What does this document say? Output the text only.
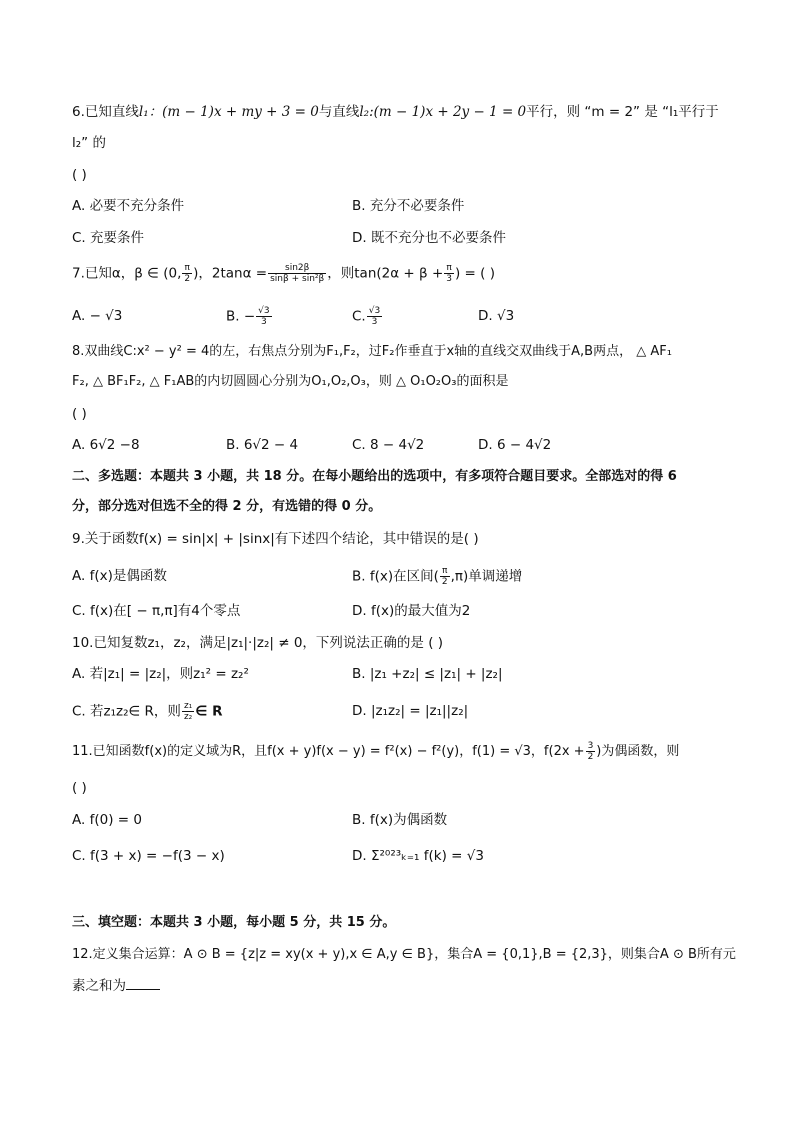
6.已知直线l₁：(m − 1)x + my + 3 = 0与直线l₂:(m − 1)x + 2y − 1 = 0平行，则 “m = 2” 是 “l₁平行于
l₂” 的
( )
A. 必要不充分条件	B. 充分不必要条件
C. 充要条件	D. 既不充分也不必要条件
7.已知α，β ∈ (0, $\frac{\pi}{2}$ )，$2\tan\alpha = \frac{\sin 2\beta}{\text{sinβ + sin²β}}$ ，则$\tan(2\alpha + \beta + \frac{\pi}{3}$ ) = ( )
A. − √3	B. − $\frac{√3}{3}$	C. $\frac{√3}{3}$	D. √3
8.双曲线C:x² − y² = 4的左，右焦点分别为F₁,F₂，过F₂作垂直于x轴的直线交双曲线于A,B两点， △ AF₁
F₂, △ BF₁F₂, △ F₁AB的内切圆圆心分别为O₁,O₂,O₃，则 △ O₁O₂O₃的面积是
( )
A. 6√2 −8	B. 6√2 − 4	C. 8 − 4√2	D. 6 − 4√2
二、多选题：本题共 3 小题，共 18 分。在每小题给出的选项中，有多项符合题目要求。全部选对的得 6
分，部分选对但选不全的得 2 分，有选错的得 0 分。
9.关于函数f(x) = sin|x| + |sinx|有下述四个结论，其中错误的是( )
A. f(x)是偶函数	B. f(x)在区间( $\frac{\pi}{2} ,\pi$)单调递增
C. f(x)在[ − π,π]有4个零点	D. f(x)的最大值为2
10.已知复数z₁，z₂，满足|z₁|·|z₂| ≠ 0，下列说法正确的是 ( )
A. 若|z₁| = |z₂|，则z₁² = z₂²	B. |z₁ +z₂| ≤ |z₁| + |z₂|
C. 若z₁z₂∈ R，则 $\frac{\text{z₁}}{\text{z₂}}$ ∈ R	D. |z₁z₂| = |z₁||z₂|
11.已知函数f(x)的定义域为R，且f(x + y)f(x − y) = f²(x) − f²(y)，f(1) = √3，$f(2x + \frac{3}{2}$ )为偶函数，则
( )
A. f(0) = 0	B. f(x)为偶函数
C. f(3 + x) = −f(3 − x)	D. Σ²⁰²³ₖ₌₁ f(k) = √3
三、填空题：本题共 3 小题，每小题 5 分，共 15 分。
12.定义集合运算：A ⊙ B = {z|z = xy(x + y),x ∈ A,y ∈ B}，集合A = {0,1},B = {2,3}，则集合A ⊙ B所有元
素之和为
